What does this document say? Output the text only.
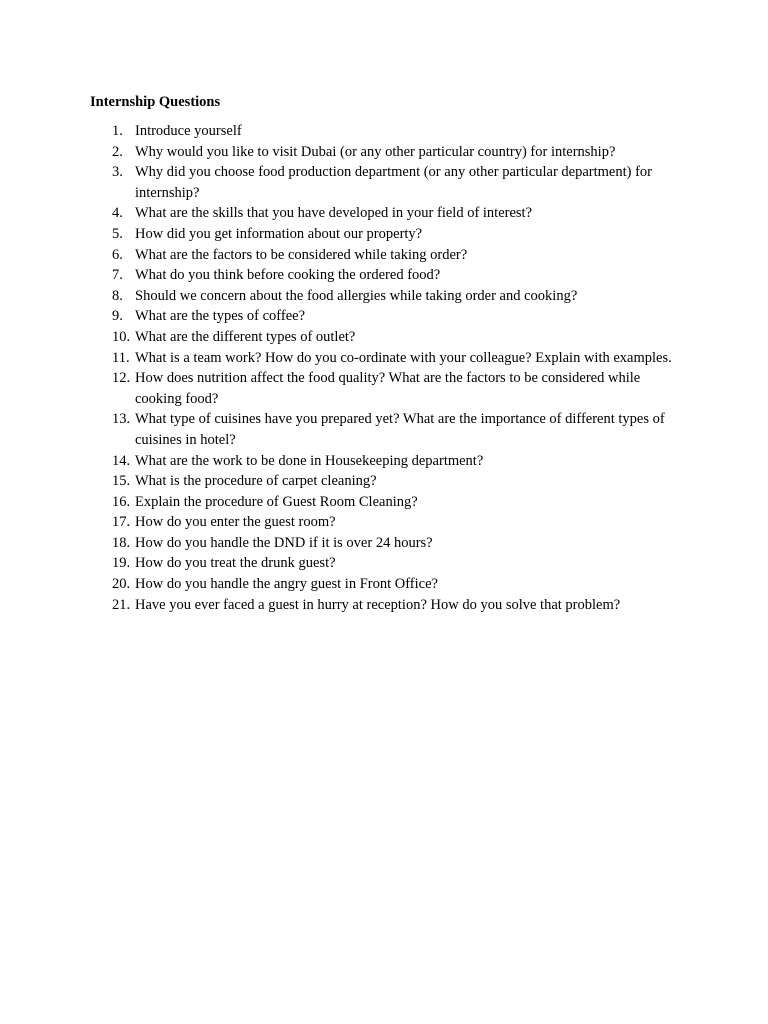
Internship Questions
1. Introduce yourself
2. Why would you like to visit Dubai (or any other particular country) for internship?
3. Why did you choose food production department (or any other particular department) for internship?
4. What are the skills that you have developed in your field of interest?
5. How did you get information about our property?
6. What are the factors to be considered while taking order?
7. What do you think before cooking the ordered food?
8. Should we concern about the food allergies while taking order and cooking?
9. What are the types of coffee?
10. What are the different types of outlet?
11. What is a team work? How do you co-ordinate with your colleague? Explain with examples.
12. How does nutrition affect the food quality? What are the factors to be considered while cooking food?
13. What type of cuisines have you prepared yet? What are the importance of different types of cuisines in hotel?
14. What are the work to be done in Housekeeping department?
15. What is the procedure of carpet cleaning?
16. Explain the procedure of Guest Room Cleaning?
17. How do you enter the guest room?
18. How do you handle the DND if it is over 24 hours?
19. How do you treat the drunk guest?
20. How do you handle the angry guest in Front Office?
21. Have you ever faced a guest in hurry at reception? How do you solve that problem?
